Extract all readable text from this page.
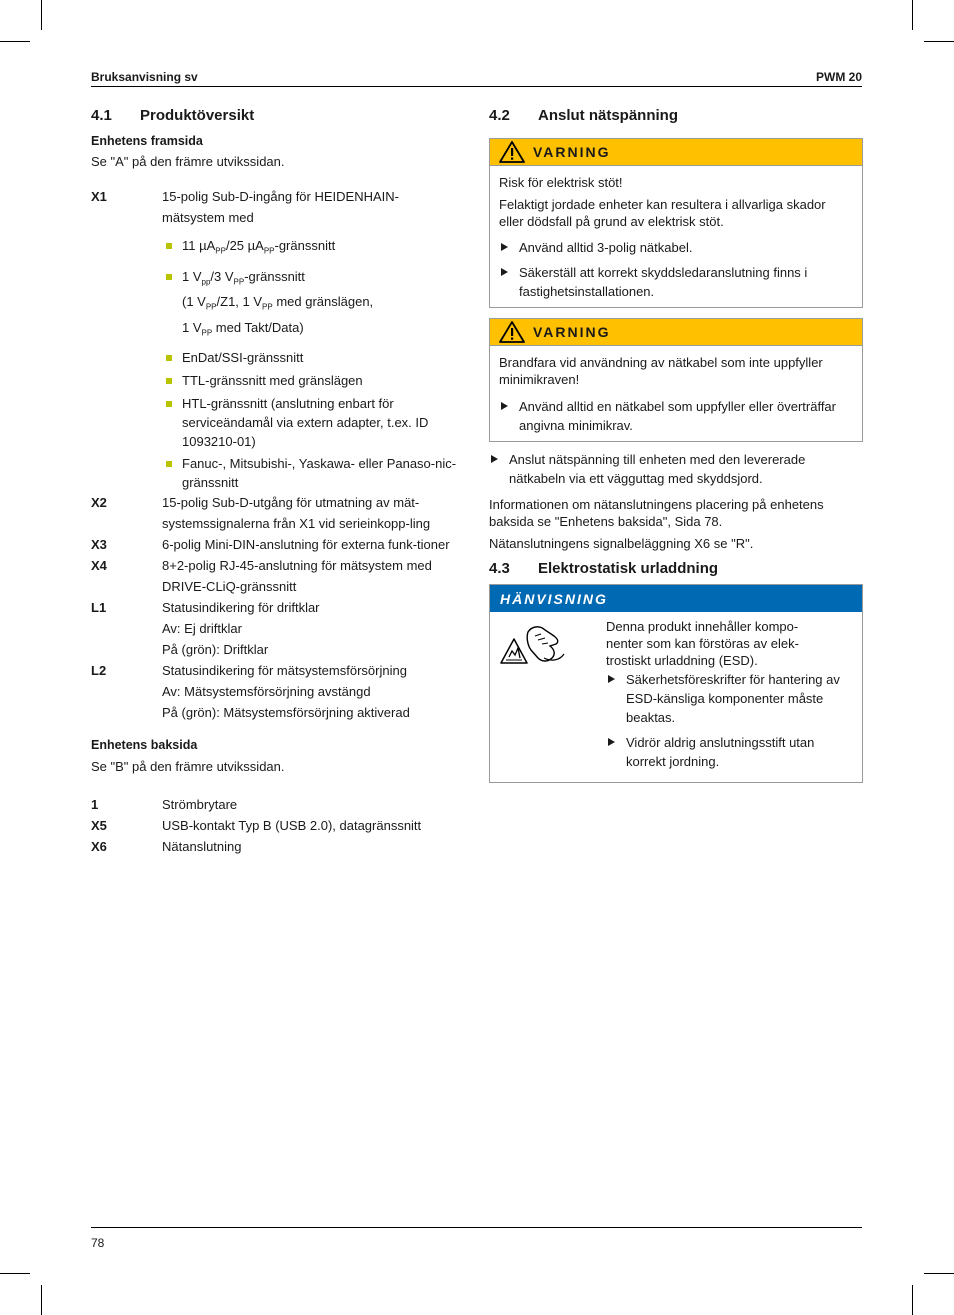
Bruksanvisning sv	PWM 20
4.1 Produktöversikt
Enhetens framsida
Se "A" på den främre utvikssidan.
X1	15-polig Sub-D-ingång för HEIDENHAIN-mätsystem med
11 µA$_{PP}$/25 µA$_{PP}$-gränssnitt
1 $V_{pp}/3$ $V_{PP}$-gränssnitt
(1 $V_{PP}/Z1$, 1 $V_{PP}$ med gränslägen,
1 $V_{PP}$ med Takt/Data)
EnDat/SSI-gränssnitt
TTL-gränssnitt med gränslägen
HTL-gränssnitt (anslutning enbart för serviceändamål via extern adapter, t.ex. ID 1093210-01)
Fanuc-, Mitsubishi-, Yaskawa- eller Panaso-nic-gränssnitt
X2	15-polig Sub-D-utgång för utmatning av mät-systemssignalerna från X1 vid serieinkopp-ling
X3	6-polig Mini-DIN-anslutning för externa funk-tioner
X4	8+2-polig RJ-45-anslutning för mätsystem med DRIVE-CLiQ-gränssnitt
L1	Statusindikering för driftklar
Av: Ej driftklar
På (grön): Driftklar
L2	Statusindikering för mätsystemsförsörjning
Av: Mätsystemsförsörjning avstängd
På (grön): Mätsystemsförsörjning aktiverad
Enhetens baksida
Se "B" på den främre utvikssidan.
1	Strömbrytare
X5	USB-kontakt Typ B (USB 2.0), datagränssnitt
X6	Nätanslutning
4.2 Anslut nätspänning
VARNING
Risk för elektrisk stöt!
Felaktigt jordade enheter kan resultera i allvarliga skador eller dödsfall på grund av elektrisk stöt.
Använd alltid 3-polig nätkabel.
Säkerställ att korrekt skyddsledaranslutning finns i fastighetsinstallationen.
VARNING
Brandfara vid användning av nätkabel som inte uppfyller minimikraven!
Använd alltid en nätkabel som uppfyller eller överträffar angivna minimikrav.
Anslut nätspänning till enheten med den levererade nätkabeln via ett vägguttag med skyddsjord.
Informationen om nätanslutningens placering på enhetens baksida se "Enhetens baksida", Sida 78.
Nätanslutningens signalbeläggning X6 se "R".
4.3 Elektrostatisk urladdning
HÄNVISNING
Denna produkt innehåller kompo-nenter som kan förstöras av elek-trostiskt urladdning (ESD).
Säkerhetsföreskrifter för hantering av ESD-känsliga komponenter måste beaktas.
Vidrör aldrig anslutningsstift utan korrekt jordning.
78
